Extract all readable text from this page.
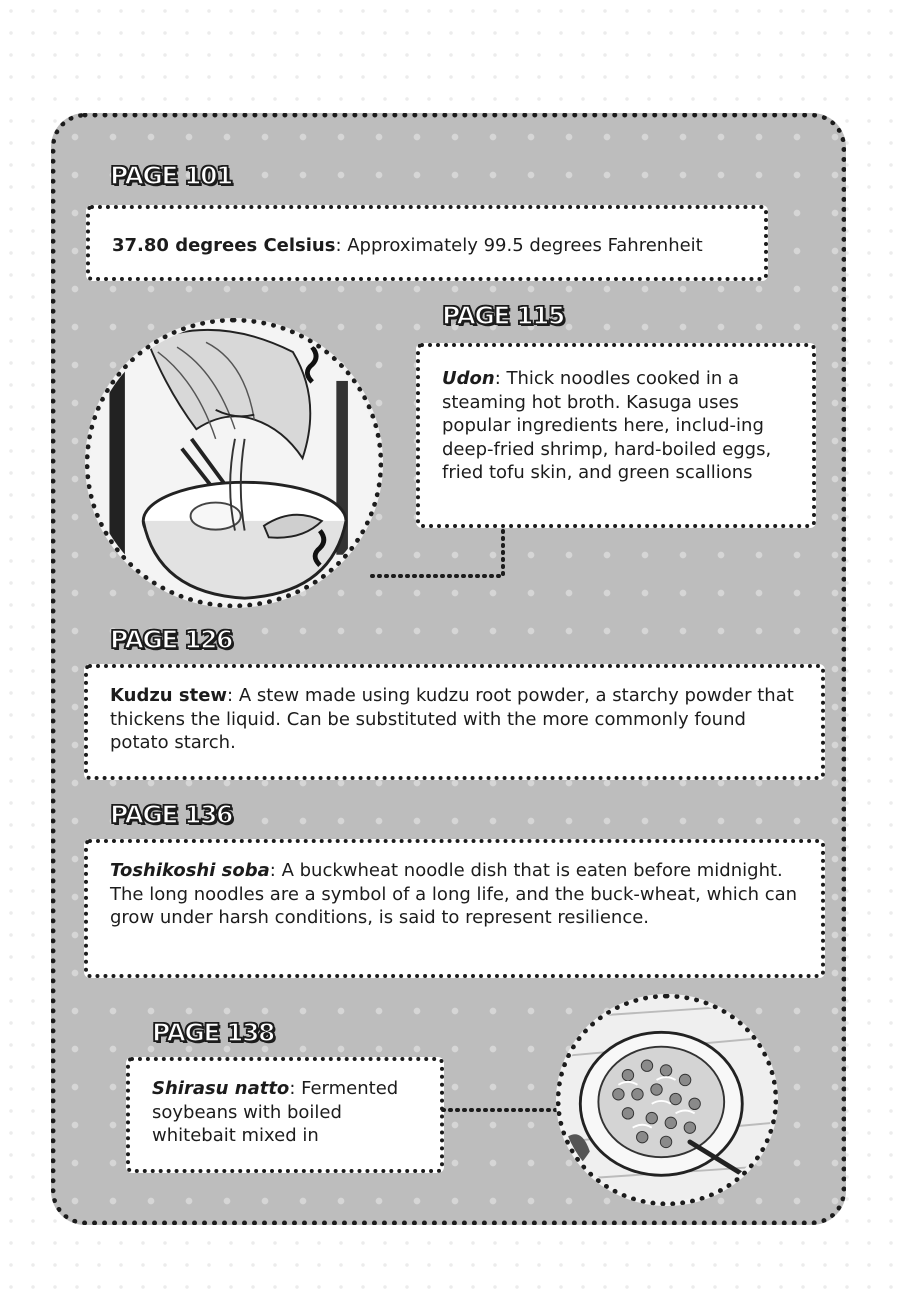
PAGE 101
37.80 degrees Celsius: Approximately 99.5 degrees Fahrenheit
PAGE 115
Udon: Thick noodles cooked in a steaming hot broth. Kasuga uses popular ingredients here, includ-ing deep-fried shrimp, hard-boiled eggs, fried tofu skin, and green scallions
PAGE 126
Kudzu stew: A stew made using kudzu root powder, a starchy powder that thickens the liquid. Can be substituted with the more commonly found potato starch.
PAGE 136
Toshikoshi soba: A buckwheat noodle dish that is eaten before midnight. The long noodles are a symbol of a long life, and the buck-wheat, which can grow under harsh conditions, is said to represent resilience.
PAGE 138
Shirasu natto: Fermented soybeans with boiled whitebait mixed in
